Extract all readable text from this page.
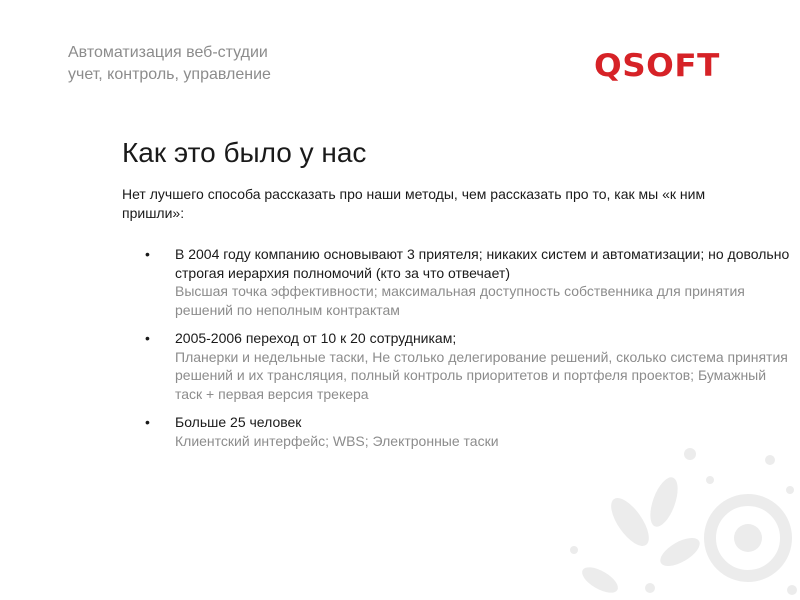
Автоматизация веб-студии
учет, контроль, управление	QSOFT
Как это было у нас
Нет лучшего способа рассказать про наши методы, чем рассказать про то, как мы «к ним пришли»:
• В 2004 году компанию основывают 3 приятеля; никаких систем и автоматизации; но довольно строгая иерархия полномочий (кто за что отвечает)
Высшая точка эффективности; максимальная доступность собственника для принятия решений по неполным контрактам
• 2005-2006 переход от 10 к 20 сотрудникам;
Планерки и недельные таски, Не столько делегирование решений, сколько система принятия решений и их трансляция, полный контроль приоритетов и портфеля проектов; Бумажный таск + первая версия трекера
• Больше 25 человек
Клиентский интерфейс; WBS; Электронные таски
